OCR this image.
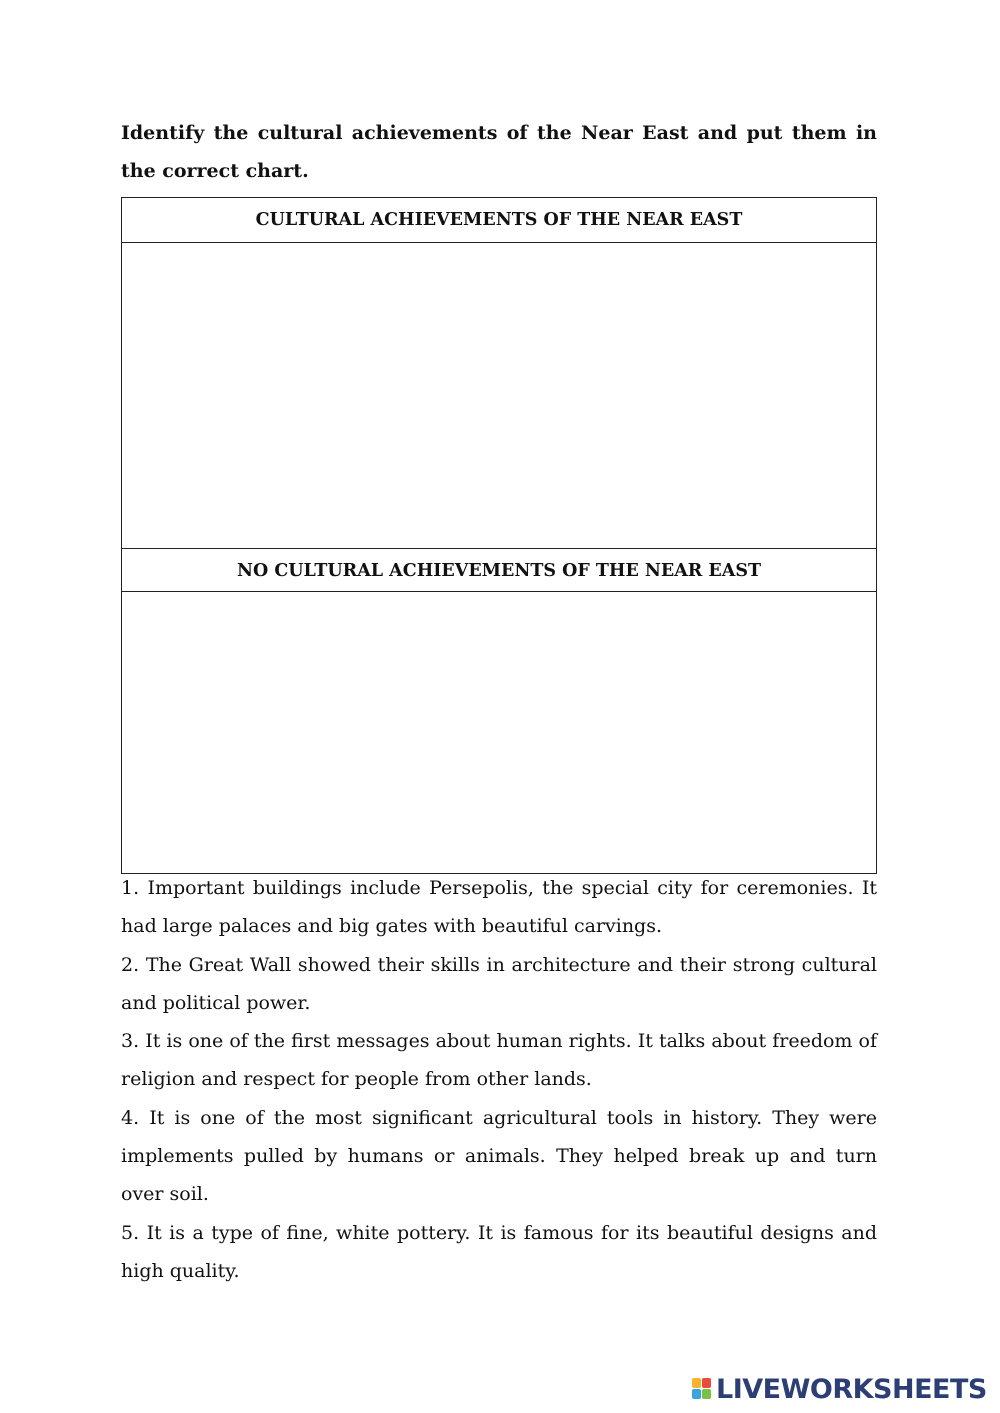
Identify the cultural achievements of the Near East and put them in the correct chart.

CULTURAL ACHIEVEMENTS OF THE NEAR EAST
NO CULTURAL ACHIEVEMENTS OF THE NEAR EAST

1. Important buildings include Persepolis, the special city for ceremonies. It had large palaces and big gates with beautiful carvings.

2. The Great Wall showed their skills in architecture and their strong cultural and political power.

3. It is one of the first messages about human rights. It talks about freedom of religion and respect for people from other lands.

4. It is one of the most significant agricultural tools in history. They were implements pulled by humans or animals. They helped break up and turn over soil.

5. It is a type of fine, white pottery. It is famous for its beautiful designs and high quality.

LIVEWORKSHEETS
